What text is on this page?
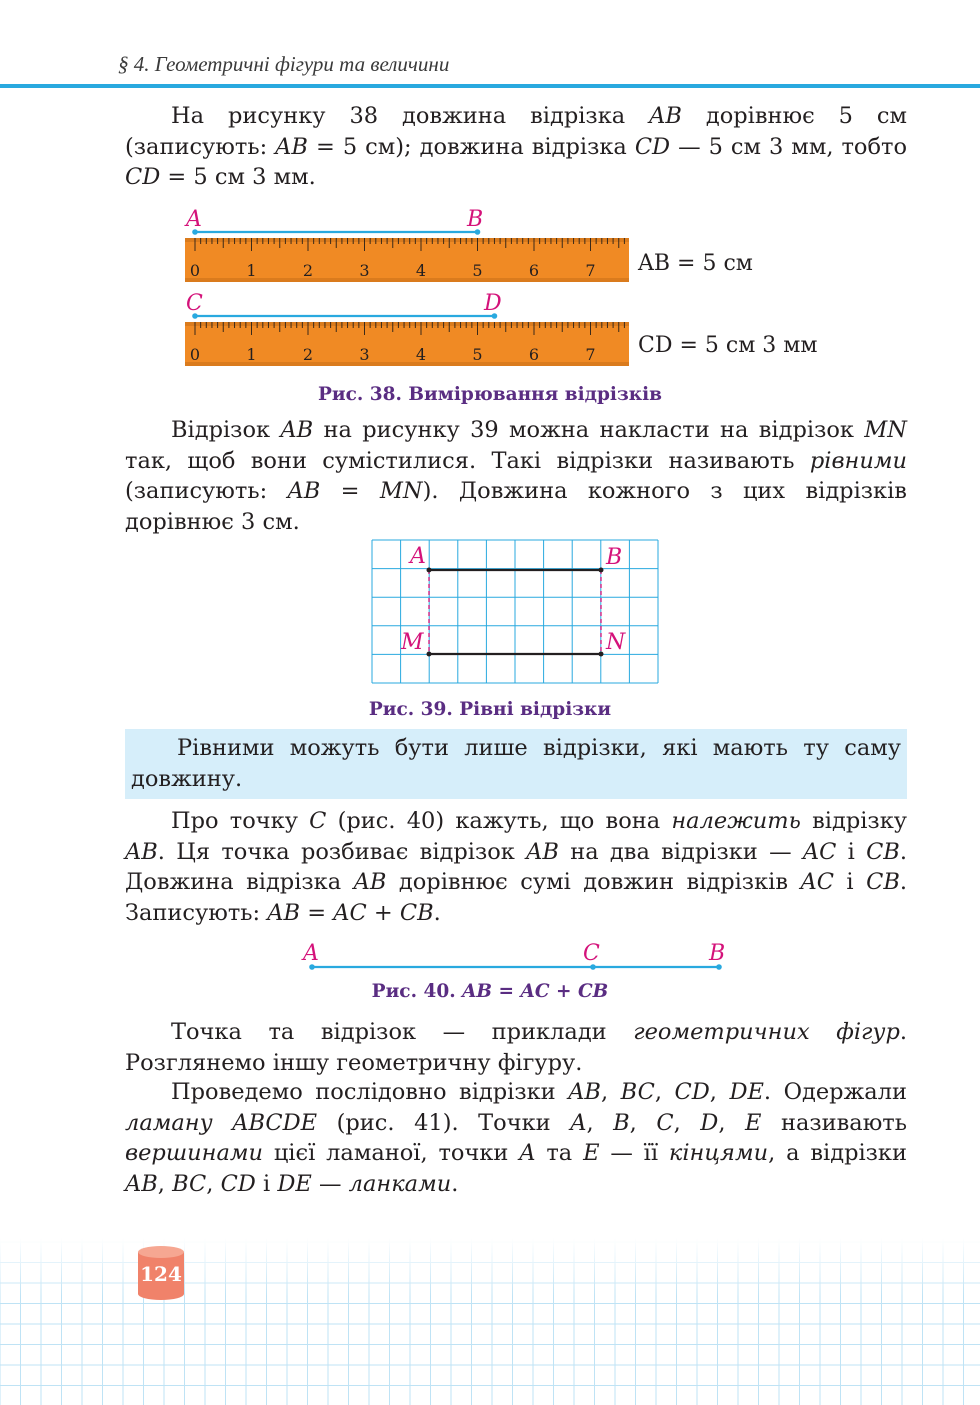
§ 4. Геометричні фігури та величини

На рисунку 38 довжина відрізка AB дорівнює 5 см (записують: AB = 5 см); довжина відрізка CD — 5 см 3 мм, тобто CD = 5 см 3 мм.

0	1	2	3	4	5	6	7
0	1	2	3	4	5	6	7
A	B
C	D
AB = 5 см
CD = 5 см 3 мм
Рис. 38. Вимірювання відрізків

Відрізок AB на рисунку 39 можна накласти на відрізок MN так, щоб вони сумістилися. Такі відрізки називають рівними (записують: AB = MN). Довжина кожного з цих відрізків дорівнює 3 см.

A	B
M	N
Рис. 39. Рівні відрізки

Рівними можуть бути лише відрізки, які мають ту саму довжину.

Про точку C (рис. 40) кажуть, що вона належить відрізку AB. Ця точка розбиває відрізок AB на два відрізки — AC і CB. Довжина відрізка AB дорівнює сумі довжин відрізків AC і CB. Записують: AB = AC + CB.

A	C	B
Рис. 40. AB = AC + CB

Точка та відрізок — приклади геометричних фігур. Розглянемо іншу геометричну фігуру.

Проведемо послідовно відрізки AB, BC, CD, DE. Одержали ламану ABCDE (рис. 41). Точки A, B, C, D, E називають вершинами цієї ламаної, точки A та E — її кінцями, а відрізки AB, BC, CD і DE — ланками.

124
